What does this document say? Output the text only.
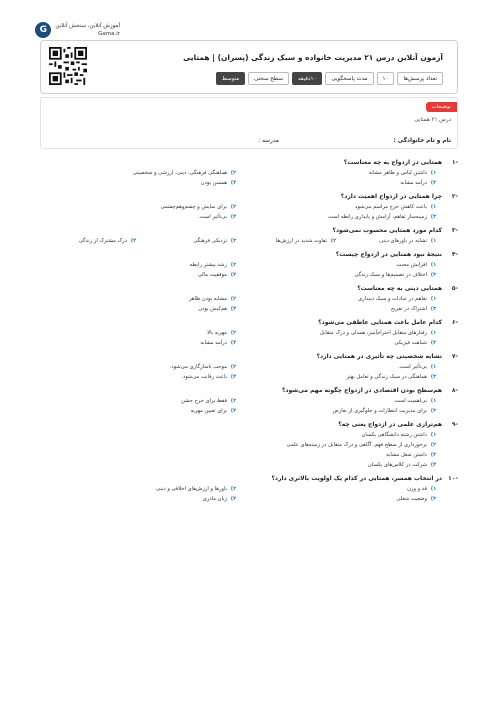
آموزش آنلاین، سنجش آنلاین
Gama.ir
G
آزمون آنلاین درس ۲۱ مدیریت خانواده و سبک زندگی (پسران) | همتایی
تعداد پرسش‌ها
۱۰
مدت پاسخگویی
۱۰دقیقه
سطح سختی
متوسط
توضیحات
درس ۲۱ همتایی
نام و نام خانوادگی :
مدرسه :
-۱
همتایی در ازدواج به چه معناست؟
۱)
داشتن لباس و ظاهر مشابه
۲)
هماهنگی فرهنگی، دینی، ارزشی و شخصیتی
۳)
درآمد مشابه
۴)
همسن بودن
-۲
چرا همتایی در ازدواج اهمیت دارد؟
۱)
باعث کاهش خرج مراسم می‌شود
۲)
برای نمایش و چشم‌وهم‌چشمی
۳)
زمینه‌ساز تفاهم، آرامش و پایداری رابطه است
۴)
بی‌تأثیر است.
-۳
کدام مورد همتایی محسوب نمی‌شود؟
۱)
تشابه در باورهای دینی
۲)
تفاوت شدید در ارزش‌ها
۳)
نزدیکی فرهنگی
۴)
درک مشترک از زندگی
-۴
نتیجهٔ نبود همتایی در ازدواج چیست؟
۱)
افزایش محبت
۲)
رشد بیشتر رابطه
۳)
اختلاف در تصمیم‌ها و سبک زندگی
۴)
موفقیت مالی
-۵
همتایی دینی به چه معناست؟
۱)
تفاهم در عبادات و سبک دینداری
۲)
مشابه بودن ظاهر
۳)
اشتراک در تفریح
۴)
هم‌کیش بودن
-۶
کدام عامل باعث همتایی عاطفی می‌شود؟
۱)
رفتارهای متقابل احترام‌آمیز، همدلی و درک متقابل
۲)
مهریه بالا
۳)
شباهت فیزیکی
۴)
درآمد مشابه
-۷
تشابه شخصیتی چه تأثیری در همتایی دارد؟
۱)
بی‌تأثیر است.
۲)
موجب ناسازگاری می‌شود.
۳)
هماهنگی در سبک زندگی و تعامل بهتر
۴)
باعث رقابت می‌شود.
-۸
هم‌سطح بودن اقتصادی در ازدواج چگونه مهم می‌شود؟
۱)
بی‌اهمیت است.
۲)
فقط برای خرج جشن
۳)
برای مدیریت انتظارات و جلوگیری از تعارض
۴)
برای تعیین مهریه
-۹
هم‌ترازی علمی در ازدواج یعنی چه؟
۱)
داشتن رشته دانشگاهی یکسان
۲)
برخورداری از سطح فهم، آگاهی و درک متقابل در زمینه‌های علمی
۳)
داشتن شغل مشابه
۴)
شرکت در کلاس‌های یکسان
-۱۰
در انتخاب همسر، همتایی در کدام یک اولویت بالاتری دارد؟
۱)
قد و وزن
۲)
باورها و ارزش‌های اخلاقی و دینی
۳)
وضعیت شغلی
۴)
زبان مادری
